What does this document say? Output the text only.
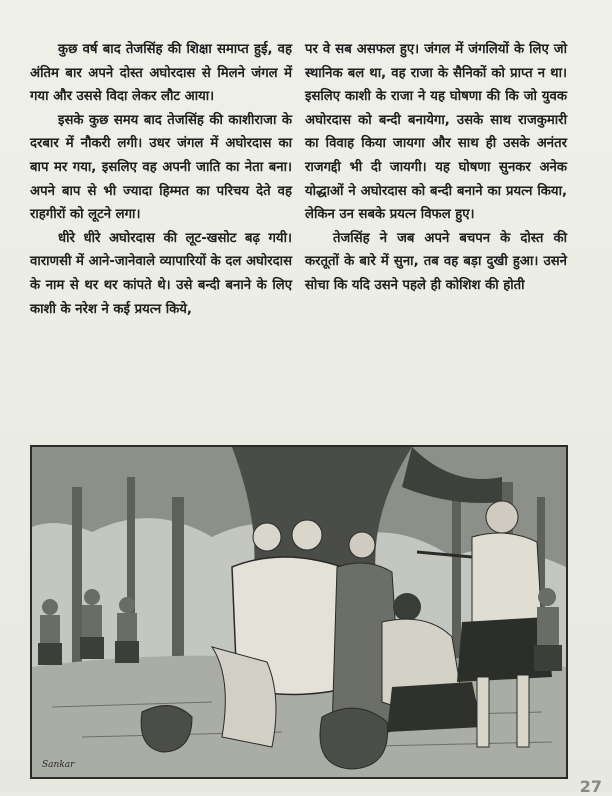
कुछ वर्ष बाद तेजसिंह की शिक्षा समाप्त हुई, वह अंतिम बार अपने दोस्त अघोरदास से मिलने जंगल में गया और उससे विदा लेकर लौट आया।

इसके कुछ समय बाद तेजसिंह की काशीराजा के दरबार में नौकरी लगी। उधर जंगल में अघोरदास का बाप मर गया, इसलिए वह अपनी जाति का नेता बना। अपने बाप से भी ज्यादा हिम्मत का परिचय देते वह राहगीरों को लूटने लगा।

धीरे धीरे अघोरदास की लूट-खसोट बढ़ गयी। वाराणसी में आने-जानेवाले व्यापारियों के दल अघोरदास के नाम से थर थर कांपते थे। उसे बन्दी बनाने के लिए काशी के नरेश ने कई प्रयत्न किये,

पर वे सब असफल हुए। जंगल में जंगलियों के लिए जो स्थानिक बल था, वह राजा के सैनिकों को प्राप्त न था। इसलिए काशी के राजा ने यह घोषणा की कि जो युवक अघोरदास को बन्दी बनायेगा, उसके साथ राजकुमारी का विवाह किया जायगा और साथ ही उसके अनंतर राजगद्दी भी दी जायगी। यह घोषणा सुनकर अनेक योद्धाओं ने अघोरदास को बन्दी बनाने का प्रयत्न किया, लेकिन उन सबके प्रयत्न विफल हुए।

तेजसिंह ने जब अपने बचपन के दोस्त की करतूतों के बारे में सुना, तब वह बड़ा दुखी हुआ। उसने सोचा कि यदि उसने पहले ही कोशिश की होती

Sankar
27
